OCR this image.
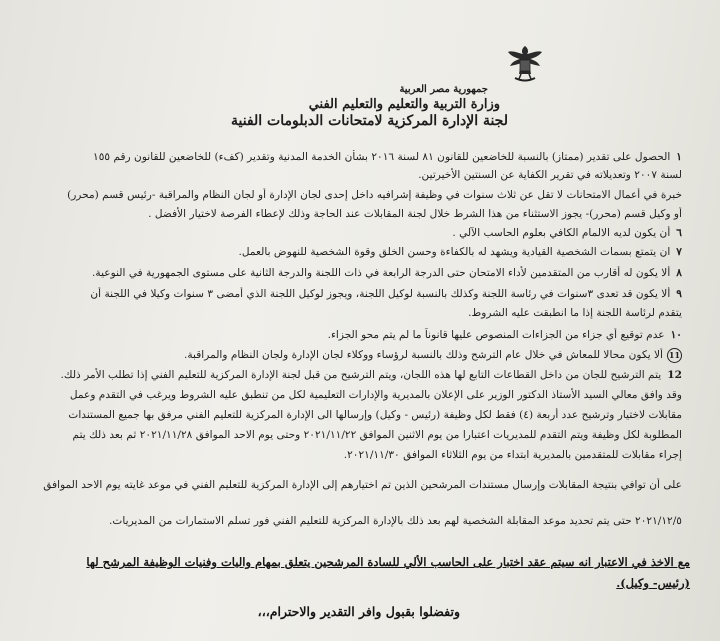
جمهورية مصر العربية
وزارة التربية والتعليم والتعليم الفني
لجنة الإدارة المركزية لامتحانات الدبلومات الفنية
١الحصول على تقدير (ممتاز) بالنسبة للخاضعين للقانون ٨١ لسنة ٢٠١٦ بشأن الخدمة المدنية وتقدير (كفء) للخاضعين للقانون رقم ١٥٥
لسنة ٢٠٠٧ وتعديلاته في تقرير الكفاية عن السنتين الأخيرتين.
خبرة في أعمال الامتحانات لا تقل عن ثلاث سنوات في وظيفة إشرافيه داخل إحدى لجان الإدارة أو لجان النظام والمراقبة -رئيس قسم (محرر)
أو وكيل قسم (محرر)- يجوز الاستثناء من هذا الشرط خلال لجنة المقابلات عند الحاجة وذلك لإعطاء الفرصة لاختيار الأفضل .
٦أن يكون لديه الالمام الكافي بعلوم الحاسب الآلي .
٧ان يتمتع بسمات الشخصية القيادية ويشهد له بالكفاءة وحسن الخلق وقوة الشخصية للنهوض بالعمل.
٨ألا يكون له أقارب من المتقدمين لأداء الامتحان حتى الدرجة الرابعة في ذات اللجنة والدرجة الثانية على مستوى الجمهورية في النوعية.
٩ألا يكون قد تعدى ٣سنوات في رئاسة اللجنة وكذلك بالنسبة لوكيل اللجنة، ويجوز لوكيل اللجنة الذي أمضى ٣ سنوات وكيلا في اللجنة أن
يتقدم لرئاسة اللجنة إذا ما انطبقت عليه الشروط.
١٠عدم توقيع أي جزاء من الجزاءات المنصوص عليها قانوناً ما لم يتم محو الجزاء.
11ألا يكون محالا للمعاش في خلال عام الترشح وذلك بالنسبة لرؤساء ووكلاء لجان الإدارة ولجان النظام والمراقبة.
12يتم الترشيح للجان من داخل القطاعات التابع لها هذه اللجان، ويتم الترشيح من قبل لجنة الإدارة المركزية للتعليم الفني إذا تطلب الأمر ذلك.
وقد وافق معالي السيد الأستاذ الدكتور الوزير على الإعلان بالمديرية والإدارات التعليمية لكل من تنطبق عليه الشروط ويرغب في التقدم وعمل
مقابلات لاختيار وترشيح عدد أربعة (٤) فقط لكل وظيفة (رئيس - وكيل) وإرسالها الى الإدارة المركزية للتعليم الفني مرفق بها جميع المستندات
المطلوبة لكل وظيفة ويتم التقدم للمديريات اعتبارا من يوم الاثنين الموافق ٢٠٢١/١١/٢٢ وحتى يوم الاحد الموافق ٢٠٢١/١١/٢٨ ثم بعد ذلك يتم
إجراء مقابلات للمتقدمين بالمديرية ابتداء من يوم الثلاثاء الموافق ٢٠٢١/١١/٣٠.
على أن توافي بنتيجة المقابلات وإرسال مستندات المرشحين الذين تم اختيارهم إلى الإدارة المركزية للتعليم الفني في موعد غايته يوم الاحد الموافق
٢٠٢١/١٢/٥ حتى يتم تحديد موعد المقابلة الشخصية لهم بعد ذلك بالإدارة المركزية للتعليم الفني فور تسلم الاستمارات من المديريات.
مع الاخذ في الاعتبار انه سيتم عقد اختبار على الحاسب الألي للسادة المرشحين يتعلق بمهام واليات وفنيات الوظيفة المرشح لها
(رئيس- وكيل).
وتفضلوا بقبول وافر التقدير والاحترام،،،
